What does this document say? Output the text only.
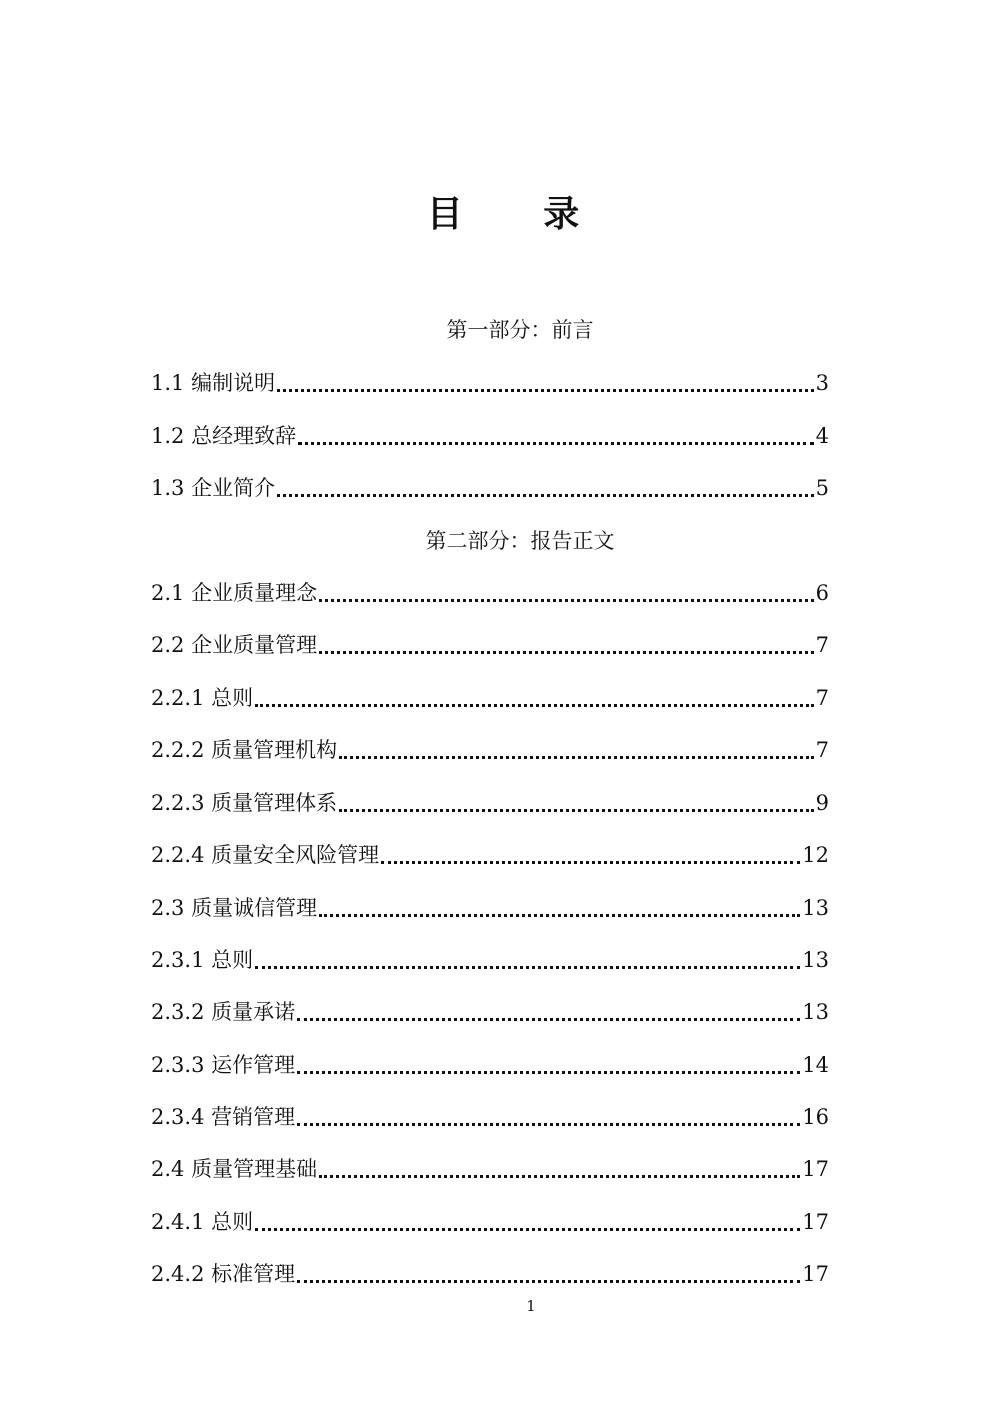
目 录
第一部分：前言
1.1 编制说明	3
1.2 总经理致辞	4
1.3 企业简介	5
第二部分：报告正文
2.1 企业质量理念	6
2.2 企业质量管理	7
2.2.1 总则	7
2.2.2 质量管理机构	7
2.2.3 质量管理体系	9
2.2.4 质量安全风险管理	12
2.3 质量诚信管理	13
2.3.1 总则	13
2.3.2 质量承诺	13
2.3.3 运作管理	14
2.3.4 营销管理	16
2.4 质量管理基础	17
2.4.1 总则	17
2.4.2 标准管理	17
1
